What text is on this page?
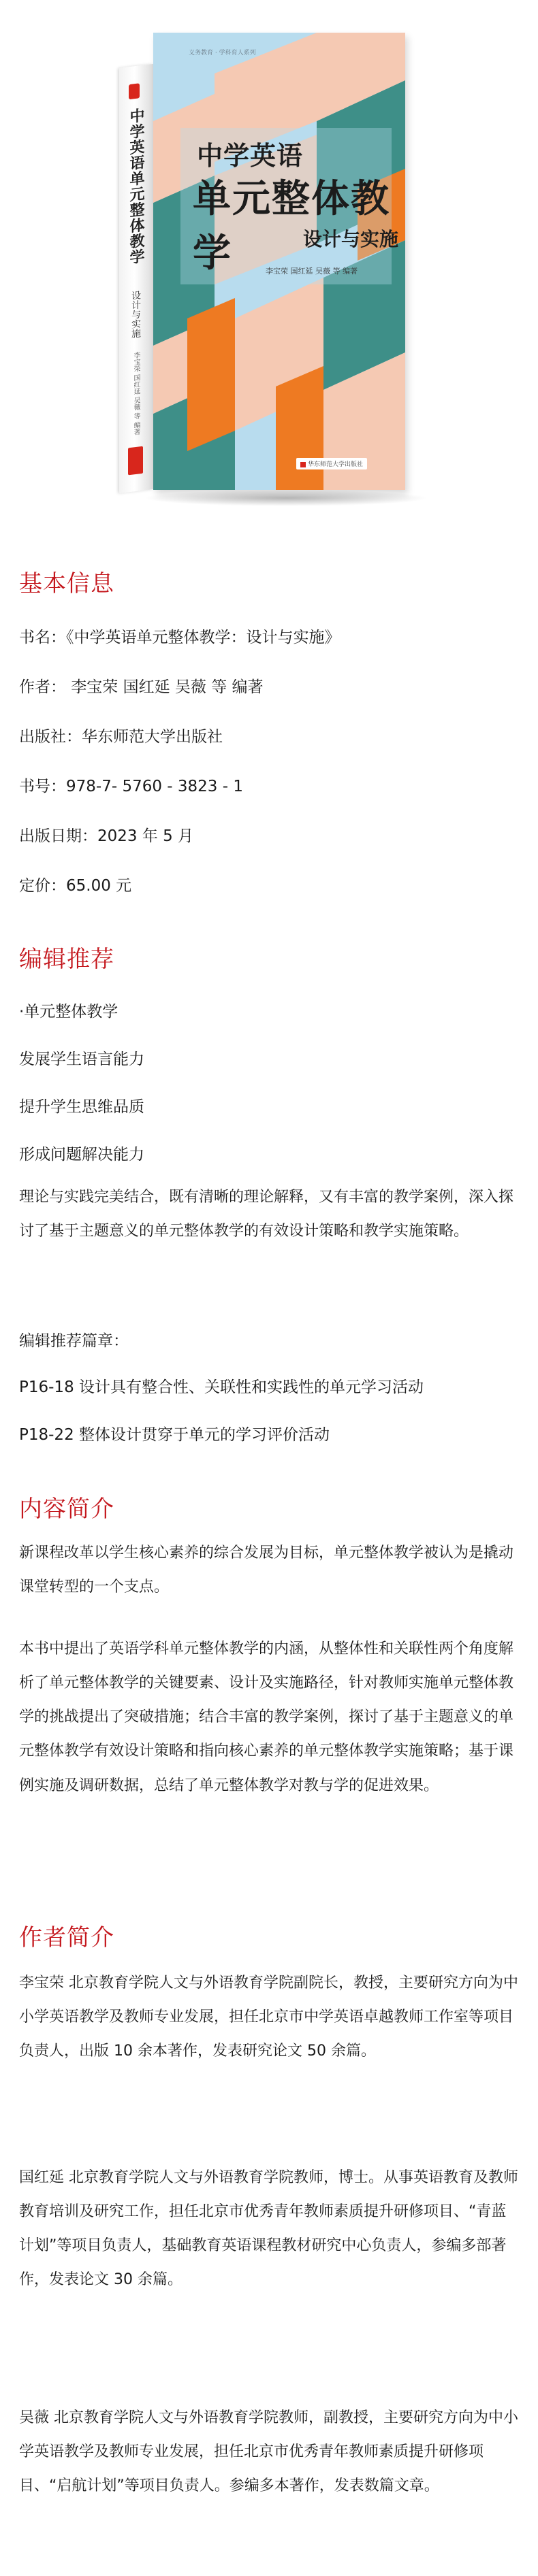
中学英语单元整体教学
设计与实施
李宝荣 国红延 吴薇 等 编著
义务教育 · 学科育人系列
中学英语
单元整体教学	设计与实施
李宝荣 国红延 吴薇 等 编著
华东师范大学出版社
基本信息

书名：《中学英语单元整体教学：设计与实施》

作者： 李宝荣 国红延 吴薇 等 编著

出版社：华东师范大学出版社

书号：978-7- 5760 - 3823 - 1

出版日期：2023 年 5 月

定价：65.00 元

编辑推荐

·单元整体教学

发展学生语言能力

提升学生思维品质

形成问题解决能力

理论与实践完美结合，既有清晰的理论解释，又有丰富的教学案例，深入探讨了基于主题意义的单元整体教学的有效设计策略和教学实施策略。

编辑推荐篇章：

P16-18 设计具有整合性、关联性和实践性的单元学习活动

P18-22 整体设计贯穿于单元的学习评价活动

内容简介

新课程改革以学生核心素养的综合发展为目标，单元整体教学被认为是撬动课堂转型的一个支点。

本书中提出了英语学科单元整体教学的内涵，从整体性和关联性两个角度解析了单元整体教学的关键要素、设计及实施路径，针对教师实施单元整体教学的挑战提出了突破措施；结合丰富的教学案例，探讨了基于主题意义的单元整体教学有效设计策略和指向核心素养的单元整体教学实施策略；基于课例实施及调研数据，总结了单元整体教学对教与学的促进效果。

作者简介

李宝荣 北京教育学院人文与外语教育学院副院长，教授，主要研究方向为中小学英语教学及教师专业发展，担任北京市中学英语卓越教师工作室等项目负责人，出版 10 余本著作，发表研究论文 50 余篇。

国红延 北京教育学院人文与外语教育学院教师，博士。从事英语教育及教师教育培训及研究工作，担任北京市优秀青年教师素质提升研修项目、“青蓝计划”等项目负责人，基础教育英语课程教材研究中心负责人，参编多部著作，发表论文 30 余篇。

吴薇 北京教育学院人文与外语教育学院教师，副教授，主要研究方向为中小学英语教学及教师专业发展，担任北京市优秀青年教师素质提升研修项目、“启航计划”等项目负责人。参编多本著作，发表数篇文章。
